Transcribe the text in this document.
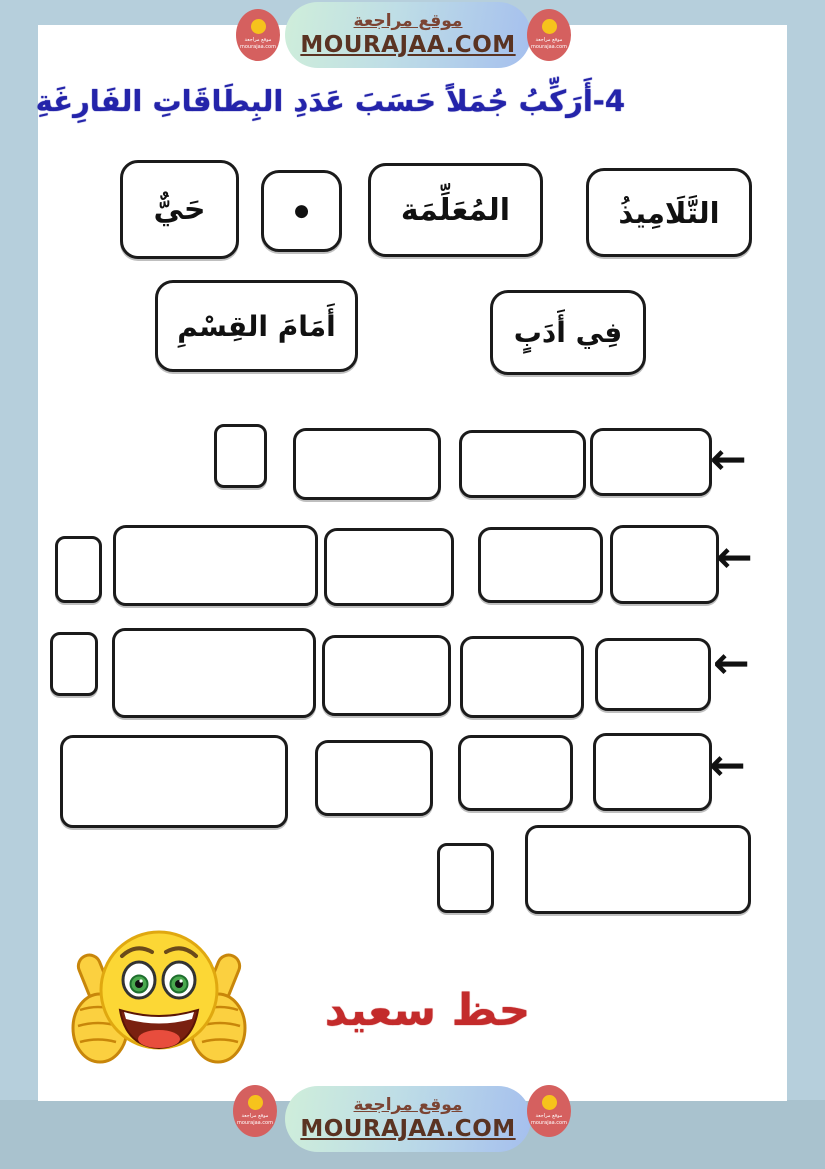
موقع مراجعة
MOURAJAA.COM
موقع مراجعة
mourajaa.com
موقع مراجعة
mourajaa.com
4-أَرَكِّبُ جُمَلاً حَسَبَ عَدَدِ البِطَاقَاتِ الفَارِغَةِ
حَيٌّ	●	المُعَلِّمَة	التَّلَامِيذُ
أَمَامَ القِسْمِ	فِي أَدَبٍ
←
←
←
←
حظ سعيد
موقع مراجعة
MOURAJAA.COM
موقع مراجعة
mourajaa.com
موقع مراجعة
mourajaa.com
